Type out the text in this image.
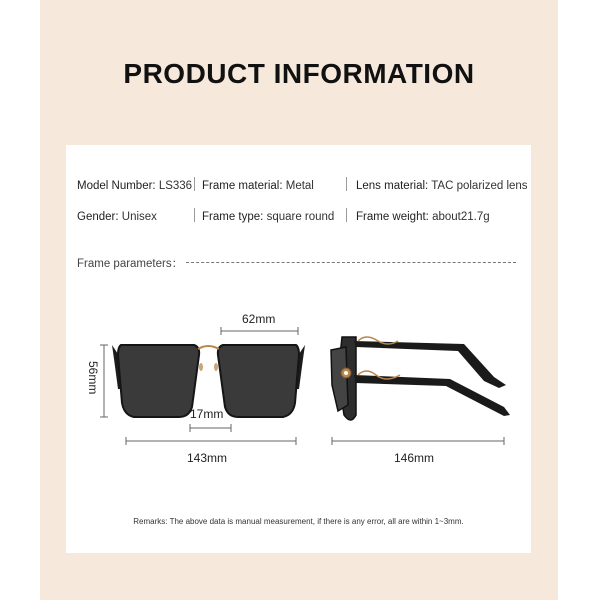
PRODUCT INFORMATION
Model Number: LS336 Frame material: Metal	Lens material: TAC polarized lens
Gender: Unisex	Frame type: square round Frame weight: about21.7g
Frame parameters：
62mm
56mm
17mm
143mm	146mm
Remarks: The above data is manual measurement, if there is any error, all are within 1~3mm.
